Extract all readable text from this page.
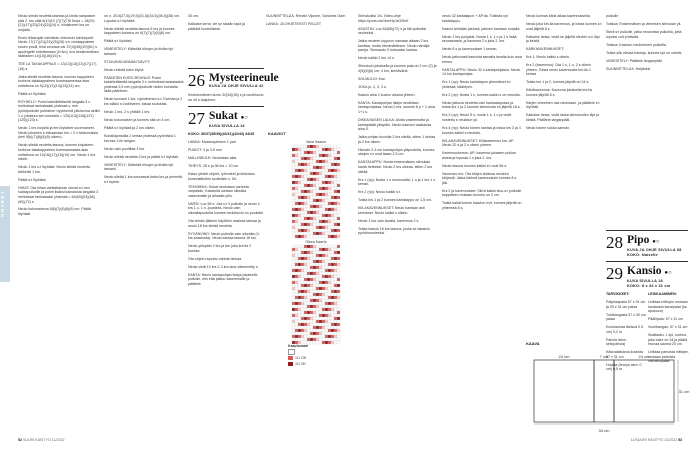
OHJEET

Neulo silmät neuletta lasinisa ja kiinta nahpaisen pää 2. krs välä 8(10)10 (7)(7)(7)8 5m)a = 18(20)(21)(17)(22)(24)(22)(24) s, niinlaineen krs on nurjalla.

Ensin leikarapiit valmistan ohinuiset toimisiparit: Neulo 17(17)(21)(23)(25)(28) s:n vinokappaleen nosen puolil, tiinä seurava var 37(4)(45)(49)(51) s apuleigelle sidottamaan (il rivo), kus keskimmäisen lisäilaisen 14(15)(16)(16) s.

TEE LA TAKAKAPPALE = 13(13)(13)(13)(17)(17)(18) s.

Jatka sileää neuletta tasona, kunnes kappaleen korkeus takakappaleen kummaamerssa alas mittattuna on 9(12)(12)(13)(13)(14) cm.

Päätä s:t löyhästi.

ROYHELO: Poimi kaksiliettäseitä langalla 3 v. mellotesai tankalaaksi yhdessä v. mm pyöröpuikolle pohtahorr nyyhkemä ykkösvma aktiivi 1 v. jokaisen sen kohdalla = 120(113)(118)(137)(120)(123) s.

Neulo 1 krs nurjaila ja tee löyhänet sovemaneet. Neulo jokainen s ekkaanaan krs = 2 x tahkonuksia (keri 5(6)(7)(8)(8)(9) oikein).

Neulo sileää neuletta tasona, kunnes koipaleen korkeus takakappaleen kummaamassa alas mittattuna on 15(16)(17)(18)(19) cm. Neulo 1 krs oikein.

Neulo 1 krs s-t löyhästi. Neulo sileää neuletta tahkelsti 1 krs.

Päätä s:t löyhästi.

HIHAT: Ota hihan vahitattaman olevat s:t mm sukkapuikoille ja poimi lisäksi kainalosta langalla 3 mellotesai tankalaaksi yhdessä = 64(60)(63)(66)(69)(72) s.

Neulo kokonaisena 5(6)(7)(8)(8)(9) cm. Päätä löyhästi.

on n. 25,5(27,5)(29,5)(31,5)(33,5)(36,5)(38) cm. Lopuksi s:t löyhästi.

Neulo sileää neuletta tasona 5 krs ja kunnes kappaleen korkeus on 6(7)(7)(7)(8)(8) cm.

Päätä s:t löyhästi.

VIIMEISTELY: Kääntää hihojen ja tiiviita työ tarkasti.

STUKUNSUUNNAN SÄVYT:

Neulo resistä tulee löyhä.

PÄÄNTIEN KORO-REUNUS: Poimi kaksiliettäseitä langalla 3 v. mellotesai tankalaaksi yhdessä 3,5 mm pyöröpuikolle niiden kohdalta lisää päänteen.

Neulo luovasti 1 krs, nykinimmed s-t 3 kertaa ja 2 krs siäksi s:t kohisteen, takaa ruutukäsi.

Neulo 1 krs, 2 s yhtälöt 1 krs.

Neulo kokonaisen ja kunnes sitä on 4 cm.

Päätä s:t löyhästi ja 2 krs oikein.

Kuhallajonsalla 2 kertaa yhdessä pyöreäksi 1 krs:ssa 1:lle langan.

Neulo vain puoliltaa 3 krs.

Neulo sileää neuletta 2 krs ja päätä s:t löyhästi.

VIIMEISTELY: Kääntää hihojen ja tiiviita työ tarkasti.

Neulo sileää 1 krs seuraavat kaksi krs ja pehmitä s:t lopeta.

30 cm.

Kalkaise kerta, vie se sisään lapä ja pääkkiä huolellisesti.

SUUNNITTELIJA: Renate Vijonen, Sandnes Garn

LANKA: JA OHJETEKSTI FELLET

26 Mysteerineule
KUVA JA OHJE SIVULLA 42

Keskimmäinen kuvio 32(34)(36) s ja neulekuvio on 44 s laajuinen.

27 Sukat ●○
KUVA SIVULLA 16

KOKO: 36/37(38/39)(40/41)(42/43) 44/45

LANKA: Moskosyteinen 1 pari

PUIKOT: 3 ja 3,5 mm

MALLINEULE: Neulotaan alas

TIHEYS: 28 s ja 36 krs = 10 cm

Katso yleiset ohjeet, lyhenteet ja tiedustus koneviatttuihin tuotteisiin s. 54.

TEKNIIKKA: Sukat neulotaan varresta varpaisiin, Kaavioita luetaan oikealta vasemmalle ja alhaalta ylös.

VARSI: Luo 56 s. Jaa s:t 4 puikolle ja neulo 4 krs 1 o, 1 n -joustinta. Neulo vain oikealtapuolelta kunnes neulekuvio on puolialle.

Ota tämän jälkeen käyttöön vaaleaa lankaa ja neulo 18 krs sileää neuletta.

SYVÄNVINO: Neulo puikolla vain oikealta (V-krs kaaviosta). Neulo kantaa tasona 18 krs.

Neulo ylöspäin 3 krs ja tee joka krs:lla 2 kuviota.

Ota ohjeen lopuksi vanhat lankaa.

Neulo vielä 10 krs 2-3 krs aina vähennetty s.

KANTA: Neulo kantapohjan lisäys jokaiselle puikolle, niin että jatkuu vasemmalle ja päättele.

KAAVIOT
Varsi Kaavio
Olkea Kaavio
Kaaviovaari
1/1 OK
1/1 VK
52 SUURI KÄSITYÖ 11/2022

Silmukoiksi 1/s. Video-ohje https://youtu.be/JnmHpJzGMvK

ASUSTIN: Luo 64(68)(72) s ja tiiä työksiksi neuleeksi.

Jatka neuleen loppuun samaan aikaan 2 krs kanttaa, mutta hiemmätöksen. Neulo nämäjä pareja. Siemaudu 0 kutsuaksi kantaa.

Neulo kaikki 2 krs 14 s.

Silmukoin jokaisella ja kunnes pala on 2 cm (2) ja 4(5)(6)(6) cm: 4 krs, kiertävänä.

SOLMULOI: Koe.

JOKA jo, 2, 3, 3 s.

Kaavio aina 2 kuvion aikana yhteen.

KANTA: Kantapohjan lisäys neuletaan kantapohjassa. Neulo 2 krs, kunnes 6 p + 1 aina 1+1 s.

DIKEA/VASEN LALKA: Aloita vasemmalta ja kantapäätä ylöspäin. Neulo kaavion vaakaosa aina 5.

Jatka pohjan kuviolla 2 krs sileää, sitten 1 kertaa ja 2 krs oikein.

Hiuhale 2-3 cm kantapohjan yläpuolelta, kunnes sivujen s:t ovat tasan 2,5 cm.

KANTALAPPU: Nosta ensimmäisen silmukan kanta hetkeksi. Neulo 2 krs oikeaa, sitten 2 krs sileää.

Krs 1 (op): Nosta 1 s neulomatta, 1 o ja 1 krs 1 o kerran.

Krs 2 (np): Neulo kaikki s:t.

Toista krs 1 ja 2 kunnes kantalappu on 1,5 cm.

KIILAKAVENNUKSET: Neulo kantaan asti kerrokset. Neulo kaikki s oikein.

Neulo 1 krs vain tavalla, kavennus 2 s.

Toista kaavio 16 krs tasona, jossa se takaisin pyörönneuleeksi.

neulo 32 kantalapun + AP:lla. Tutkista nyt kantalappu.

Kaavio tehdään jaetusti, jatkuen kantaan nurjalla.

Neulo 1 krs pohjaksi. Nosta 1 s, 1 o ja 1 s lisää seuraavasta, ja kavenna 2 s joka 2. krs.

Neulo 6 s ja kavennukset 1 kerran.

Neulo jatkuvasti kaaviota samalla tavalla kuin aina ennen.

KANTALAPPU: Neulo 32 s kantapohjassa. Neulo 14 krs kantapohjaa.

Krs 1 (op): Neulo kantalapun ylimmäiset s:t yhdessä, kääntyen.

Krs 2 (np): Nosta 1 s, kunnes kaikki s on neulottu.

Neulo jatkuva neuletta vain kantaalapussa ja toista krs 1 ja 2 kunnes silmukoita on jäljellä 18 s.

Krs 3 (op): Neulo 5 s, nosta 1 s, 1 o ja vedä nostettu s neulotun yli.

Krs 4 (np): Neulo toinen kantaa ja toista krs 3 ja 4 kunnes kaikki s neulottu.

KIILAKAVENNUKSET: Kiilakavennus krs: AP. Neulo 32 s ja 2 s oikein yhteen.

Kavennuskerros: AP: kavenna jokaisen puikon alusta ja lopusta 1 s joka 2. krs.

Neulo tasona kunnes kaikki s:t ovat 56 s.

Savenaro krs: Ota kärjen sisäosa neuleen kärjestä. Jatka kärkeä kavennuksin kunnes 8 s jää.

Krs 2 ja kavennukset: Siirrä kaikki sivu-s:t puikolle kappaleen mukaan kunnes on 2 cm.

Toista kaikki kolme kaavion rivit, kunnes jäljellä on yhteensä 8 s.

Neulo kolmas kärki alkaa kavennuksella.

Neulo joka krs:lla kavennus, ja toista kunnes s:t ovat jäljellä 8 s.

Katkaise lanka, vedä se jäljellä olevien s:n läpi ja kiristä.

KÄRKIKAVENNUKSET:

Krs 1: Neulo kaikki s oikein.

Krs 2 (kavennus): Ota 1 s, 1 o, 2 s oikein yhteen. Toista neulo kavennusta krs:lla 2 kertaa.

Toista krs 1 ja 2, kunnes jäljellä on 24 s.

Kärkikavennus: Kavenna jokaisella krs:lla kunnes jäljellä 8 s.

Kärjen viimeinen osa neulotaan, ja päättele s:t löyhästi.

Katkaise lanka, vedä lanka silmukoiden läpi ja kiristä. Päättele langanpäät.

Neulo toinen sukka samoin.

puikolle

Toistoa: Ensimmäisen ja viimeisen silmukan yli.

Siirrä s:t puikolle, jatka neulontaa puikoilla, jotta lopuksi voit yhdistää.

Toistoa: Kaavion neulominen puikoilla.

Toista yllä olevaa toistoja, kunnes työ on valmis.

VIIMEISTELY: Päättele langanpäät.

SUUNNITTELIJA: Heljäsinii

28 Pipo ●○
KUVA JA OHJE SIVULLA 68
KOKO: Naiselle
29 Kansio ●○
KUVA SIVULLA 18
KOKO: 8 x 34 x 31 cm

TARVIKKEET:

Paljetaapatia 57 x 51 cm ja 25 x 51 cm palaa

Tukikangasta 57 x 30 cm palaa

Kuvinauhaa lävissä 0,5 cm) 5,2 m

Pahvia lämn. sellopahvia)

Käsivallatuksia kuvioita 57 x 31 cm

Huplaa (leveys asm. 0 cm) 0,5 m

LEIKKAAMINEN:

Leikkaa mittojen mukaan kantaosta kansipalat (ks. apukuva)

Päällipala: 57 x 31 cm

Vuorikangas: 57 x 31 cm

Sisätasku: 1 kpl, korkea, joka tulee on 34 ja päälä reunaa sauma 20 cm

Leikkaa pahvista mittojen mukaan pahvista valmiiksipalat:

KAAVA
24 cm	7 cm	24 cm
31 cm
34 cm
11/SUURI KÄSITYÖ 11/2022 53
